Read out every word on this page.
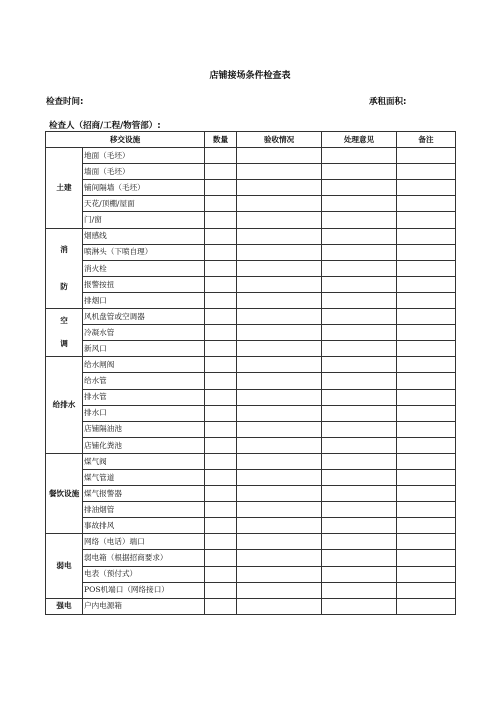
店铺接场条件检查表
检查时间:	承租面积:
检查人（招商/工程/物管部）:
移交设施		数量	验收情况	处理意见	备注
土建	地面（毛坯）				
	墙面（毛坯）				
	铺间隔墙（毛坯）				
	天花/顶棚/屋面				
	门/窗				

消
防	烟感线				
	喷淋头（下喷自理）				
	消火栓				
	报警按扭				
	排烟口				

空
调	风机盘管或空调器				
	冷凝水管				
	新风口				
给排水	给水闸阀				
	给水管				
	排水管				
	排水口				
	店铺隔油池				
	店铺化粪池				
餐饮设施	煤气阀				
	煤气管道				
	煤气报警器				
	排油烟管				
	事故排风				
弱电	网络（电话）端口				
	弱电箱（根据招商要求）				
	电表（预付式）				
	POS机端口（网络接口）				
强电	户内电源箱				
